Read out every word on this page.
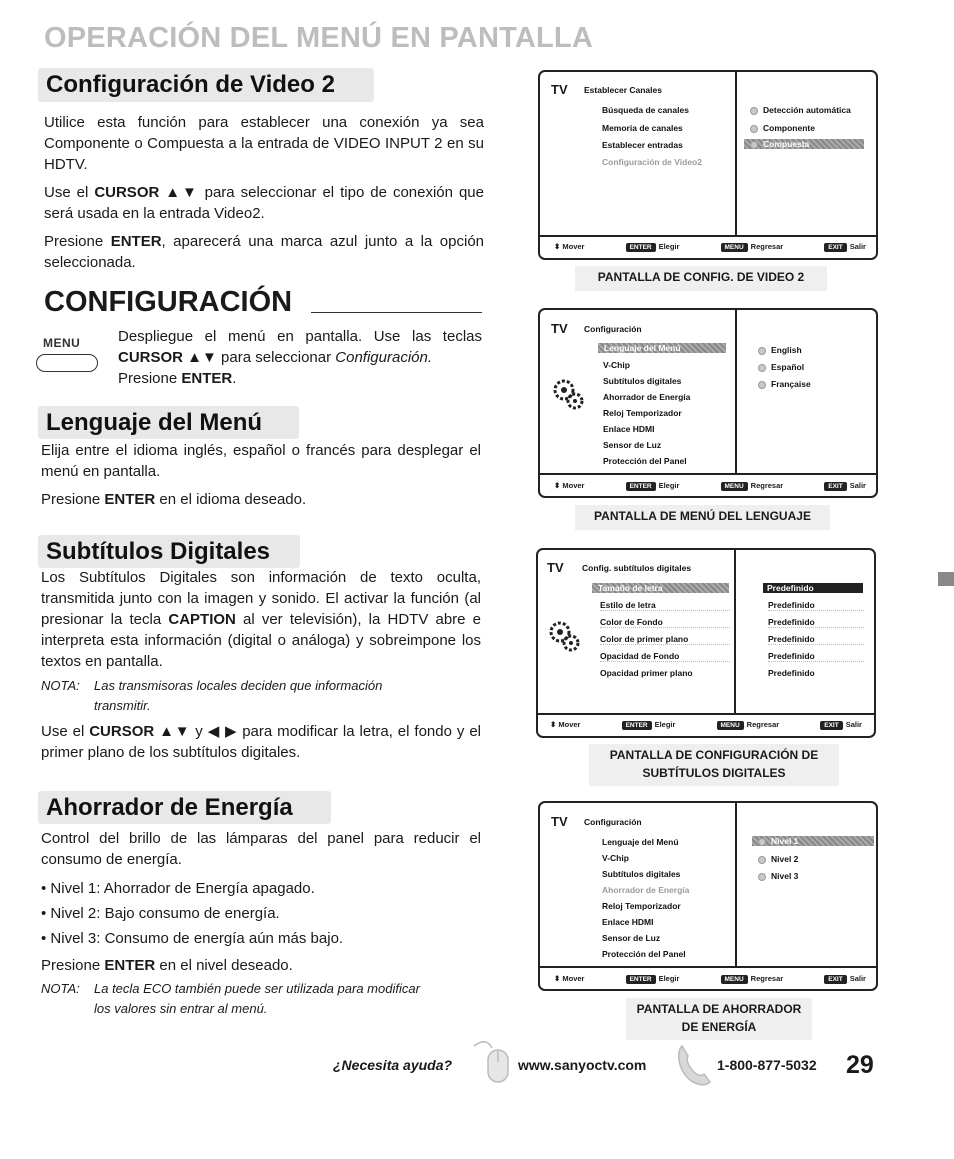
OPERACIÓN DEL MENÚ EN PANTALLA
Configuración de Video 2

Utilice esta función para establecer una conexión ya sea Componente o Compuesta a la entrada de VIDEO INPUT 2 en su HDTV.

Use el CURSOR ▲▼ para seleccionar el tipo de conexión que será usada en la entrada Video2.

Presione ENTER, aparecerá una marca azul junto a la opción seleccionada.

CONFIGURACIÓN
MENU	Despliegue el menú en pantalla. Use las teclas CURSOR ▲▼ para seleccionar Configuración.

Presione ENTER.

Lenguaje del Menú

Elija entre el idioma inglés, español o francés para desplegar el menú en pantalla.

Presione ENTER en el idioma deseado.

Subtítulos Digitales

Los Subtítulos Digitales son información de texto oculta, transmitida junto con la imagen y sonido. El activar la función (al presionar la tecla CAPTION al ver televisión), la HDTV abre e interpreta esta información (digital o análoga) y sobreimpone los textos en pantalla.

NOTA: Las transmisoras locales deciden que información
transmitir.

Use el CURSOR ▲▼ y ◀ ▶ para modificar la letra, el fondo y el primer plano de los subtítulos digitales.

Ahorrador de Energía

Control del brillo de las lámparas del panel para reducir el consumo de energía.

• Nivel 1: Ahorrador de Energía apagado.
• Nivel 2: Bajo consumo de energía.
• Nivel 3: Consumo de energía aún más bajo.

Presione ENTER en el nivel deseado.

NOTA: La tecla ECO también puede ser utilizada para modificar
los valores sin entrar al menú.
TV Establecer Canales
Búsqueda de canales
Memoria de canales
Establecer entradas
Configuración de Video2
Detección automática
Componente
Compuesta
⬍ Mover	ENTER Elegir	MENU Regresar	EXIT Salir
PANTALLA DE CONFIG. DE VIDEO 2
TV Configuración
Lenguaje del Menú
V-Chip
Subtítulos digitales
Ahorrador de Energía
Reloj Temporizador
Enlace HDMI
Sensor de Luz
Protección del Panel
English
Español
Française
⬍ Mover	ENTER Elegir	MENU Regresar	EXIT Salir
PANTALLA DE MENÚ DEL LENGUAJE
TV Config. subtítulos digitales
Tamaño de letra
Estilo de letra
Color de Fondo
Color de primer plano
Opacidad de Fondo
Opacidad primer plano
Predefinido
Predefinido
Predefinido
Predefinido
Predefinido
Predefinido
⬍ Mover	ENTER Elegir	MENU Regresar	EXIT Salir
PANTALLA DE CONFIGURACIÓN DE
SUBTÍTULOS DIGITALES
TV Configuración
Lenguaje del Menú
V-Chip
Subtítulos digitales
Ahorrador de Energía
Reloj Temporizador
Enlace HDMI
Sensor de Luz
Protección del Panel
Nivel 1
Nivel 2
Nivel 3
⬍ Mover	ENTER Elegir	MENU Regresar	EXIT Salir
PANTALLA DE AHORRADOR
DE ENERGÍA
¿Necesita ayuda?	www.sanyoctv.com	1-800-877-5032 29
